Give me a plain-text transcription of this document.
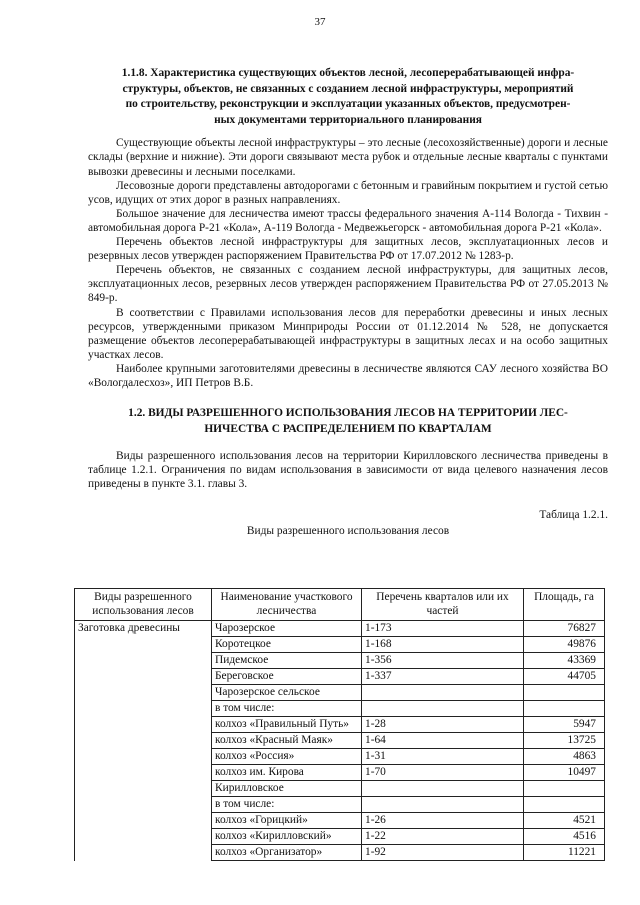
37

1.1.8. Характеристика существующих объектов лесной, лесоперерабатывающей инфра-

структуры, объектов, не связанных с созданием лесной инфраструктуры, мероприятий

по строительству, реконструкции и эксплуатации указанных объектов, предусмотрен-

ных документами территориального планирования

Существующие объекты лесной инфраструктуры – это лесные (лесохозяйственные) дороги и лесные склады (верхние и нижние). Эти дороги связывают места рубок и отдельные лесные кварталы с пунктами вывозки древесины и лесными поселками.

Лесовозные дороги представлены автодорогами с бетонным и гравийным покрытием и густой сетью усов, идущих от этих дорог в разных направлениях.

Большое значение для лесничества имеют трассы федерального значения А-114 Вологда - Тихвин - автомобильная дорога Р-21 «Кола», А-119 Вологда - Медвежьегорск - автомобильная дорога Р-21 «Кола».

Перечень объектов лесной инфраструктуры для защитных лесов, эксплуатационных лесов и резервных лесов утвержден распоряжением Правительства РФ от 17.07.2012 № 1283-р.

Перечень объектов, не связанных с созданием лесной инфраструктуры, для защитных лесов, эксплуатационных лесов, резервных лесов утвержден распоряжением Правительства РФ от 27.05.2013 № 849-р.

В соответствии с Правилами использования лесов для переработки древесины и иных лесных ресурсов, утвержденными приказом Минприроды России от 01.12.2014 № 528, не допускается размещение объектов лесоперерабатывающей инфраструктуры в защитных лесах и на особо защитных участках лесов.

Наиболее крупными заготовителями древесины в лесничестве являются САУ лесного хозяйства ВО «Вологдалесхоз», ИП Петров В.Б.

1.2. ВИДЫ РАЗРЕШЕННОГО ИСПОЛЬЗОВАНИЯ ЛЕСОВ НА ТЕРРИТОРИИ ЛЕС-

НИЧЕСТВА С РАСПРЕДЕЛЕНИЕМ ПО КВАРТАЛАМ

Виды разрешенного использования лесов на территории Кирилловского лесничества приведены в таблице 1.2.1. Ограничения по видам использования в зависимости от вида целевого назначения лесов приведены в пункте 3.1. главы 3.

Таблица 1.2.1.
Виды разрешенного использования лесов
Виды разрешенного использования лесов	Наименование участкового лесничества	Перечень кварталов или их частей	Площадь, га
Заготовка древесины	Чарозерское	1-173	76827
	Коротецкое	1-168	49876
	Пидемское	1-356	43369
	Береговское	1-337	44705
	Чарозерское сельское		
	в том числе:		
	колхоз «Правильный Путь»	1-28	5947
	колхоз «Красный Маяк»	1-64	13725
	колхоз «Россия»	1-31	4863
	колхоз им. Кирова	1-70	10497
	Кирилловское		
	в том числе:		
	колхоз «Горицкий»	1-26	4521
	колхоз «Кирилловский»	1-22	4516
	колхоз «Организатор»	1-92	11221
